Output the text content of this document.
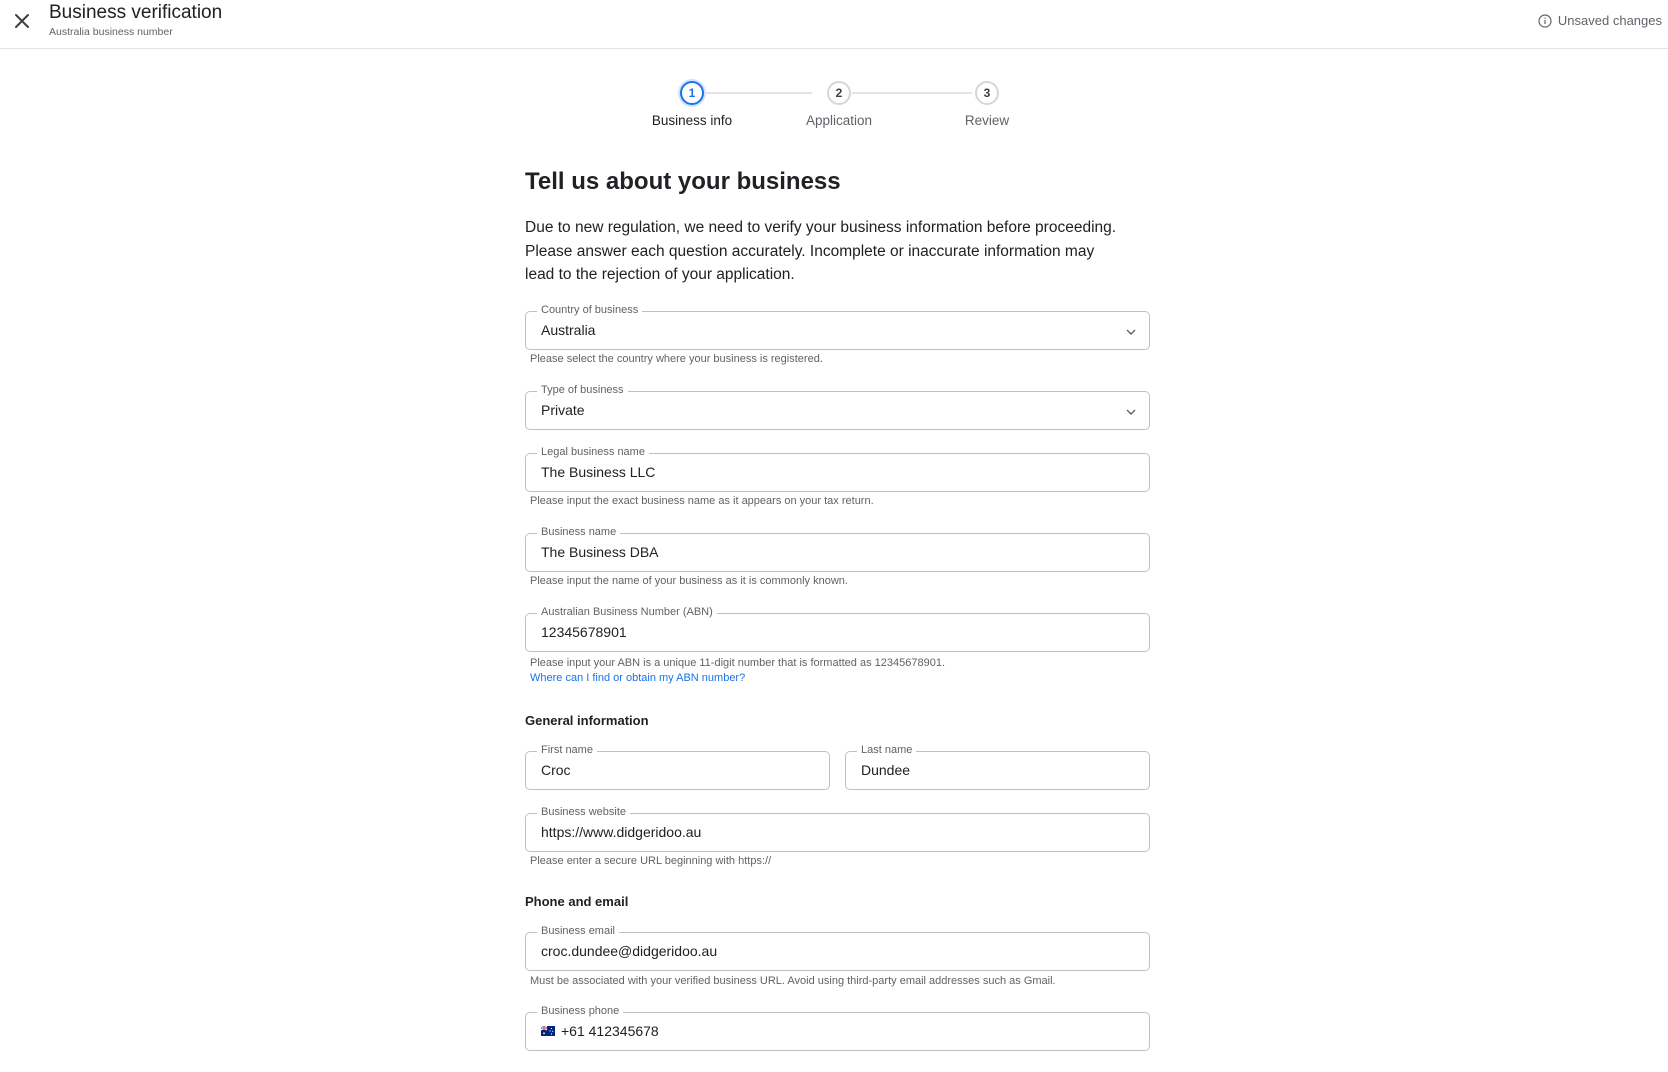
Business verification
Australia business number
Unsaved changes
1	2	3
Business info	Application	Review
Tell us about your business
Due to new regulation, we need to verify your business information before proceeding. Please answer each question accurately. Incomplete or inaccurate information may lead to the rejection of your application.
Country of business
Australia
Please select the country where your business is registered.
Type of business
Private
Legal business name
The Business LLC
Please input the exact business name as it appears on your tax return.
Business name
The Business DBA
Please input the name of your business as it is commonly known.
Australian Business Number (ABN)
12345678901
Please input your ABN is a unique 11-digit number that is formatted as 12345678901.
Where can I find or obtain my ABN number?
General information
First name
Croc
Last name
Dundee
Business website
https://www.didgeridoo.au
Please enter a secure URL beginning with https://
Phone and email
Business email
croc.dundee@didgeridoo.au
Must be associated with your verified business URL. Avoid using third-party email addresses such as Gmail.
Business phone
+61 412345678
